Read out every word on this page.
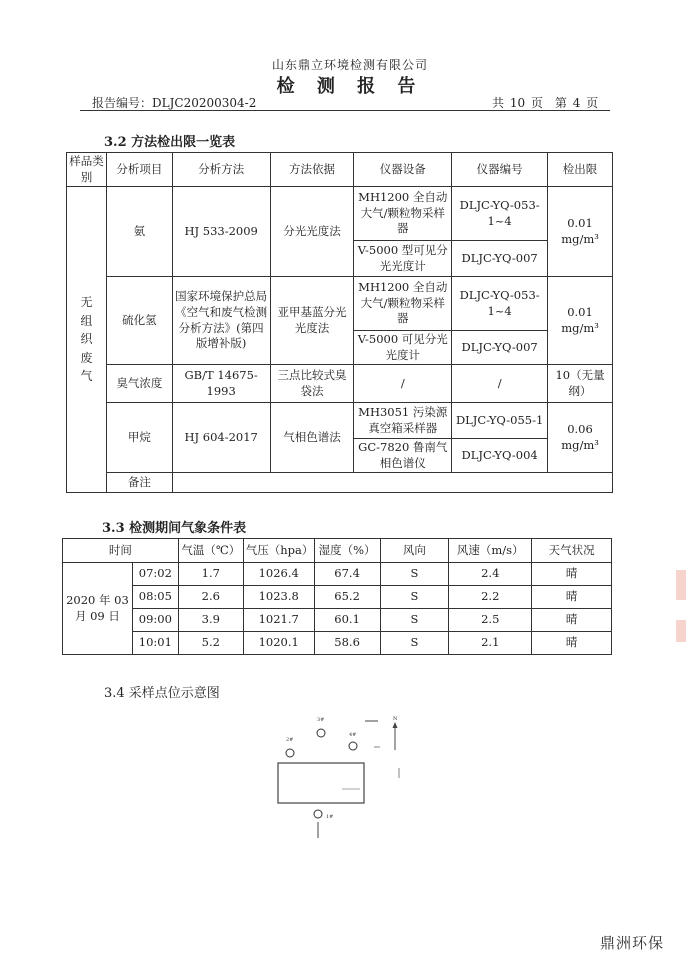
山东鼎立环境检测有限公司
检 测 报 告
报告编号：DLJC20200304-2	共 10 页　第 4 页
3.2 方法检出限一览表
样品类别	分析项目	分析方法	方法依据	仪器设备	仪器编号	检出限

无组织废气	氨	HJ 533-2009	分光光度法	MH1200 全自动大气/颗粒物采样器	DLJC-YQ-053-1~4	0.01
mg/m³
				V-5000 型可见分光光度计	DLJC-YQ-007	
	硫化氢	国家环境保护总局《空气和废气检测分析方法》(第四版增补版)	亚甲基蓝分光光度法	MH1200 全自动大气/颗粒物采样器	DLJC-YQ-053-1~4	0.01
mg/m³
				V-5000 可见分光光度计	DLJC-YQ-007	
	臭气浓度	GB/T 14675-1993	三点比较式臭袋法	/	/	10（无量纲）
	甲烷	HJ 604-2017	气相色谱法	MH3051 污染源真空箱采样器	DLJC-YQ-055-1	0.06
mg/m³
				GC-7820 鲁南气相色谱仪	DLJC-YQ-004	
	备注					
3.3 检测期间气象条件表
时间		气温（℃）	气压（hpa）	湿度（%）	风向	风速（m/s）	天气状况
2020 年 03 月 09 日	07:02	1.7	1026.4	67.4	S	2.4	晴
	08:05	2.6	1023.8	65.2	S	2.2	晴
	09:00	3.9	1021.7	60.1	S	2.5	晴
	10:01	5.2	1020.1	58.6	S	2.1	晴
3.4 采样点位示意图
3#
2#
4#
1#
N
鼎洲环保
